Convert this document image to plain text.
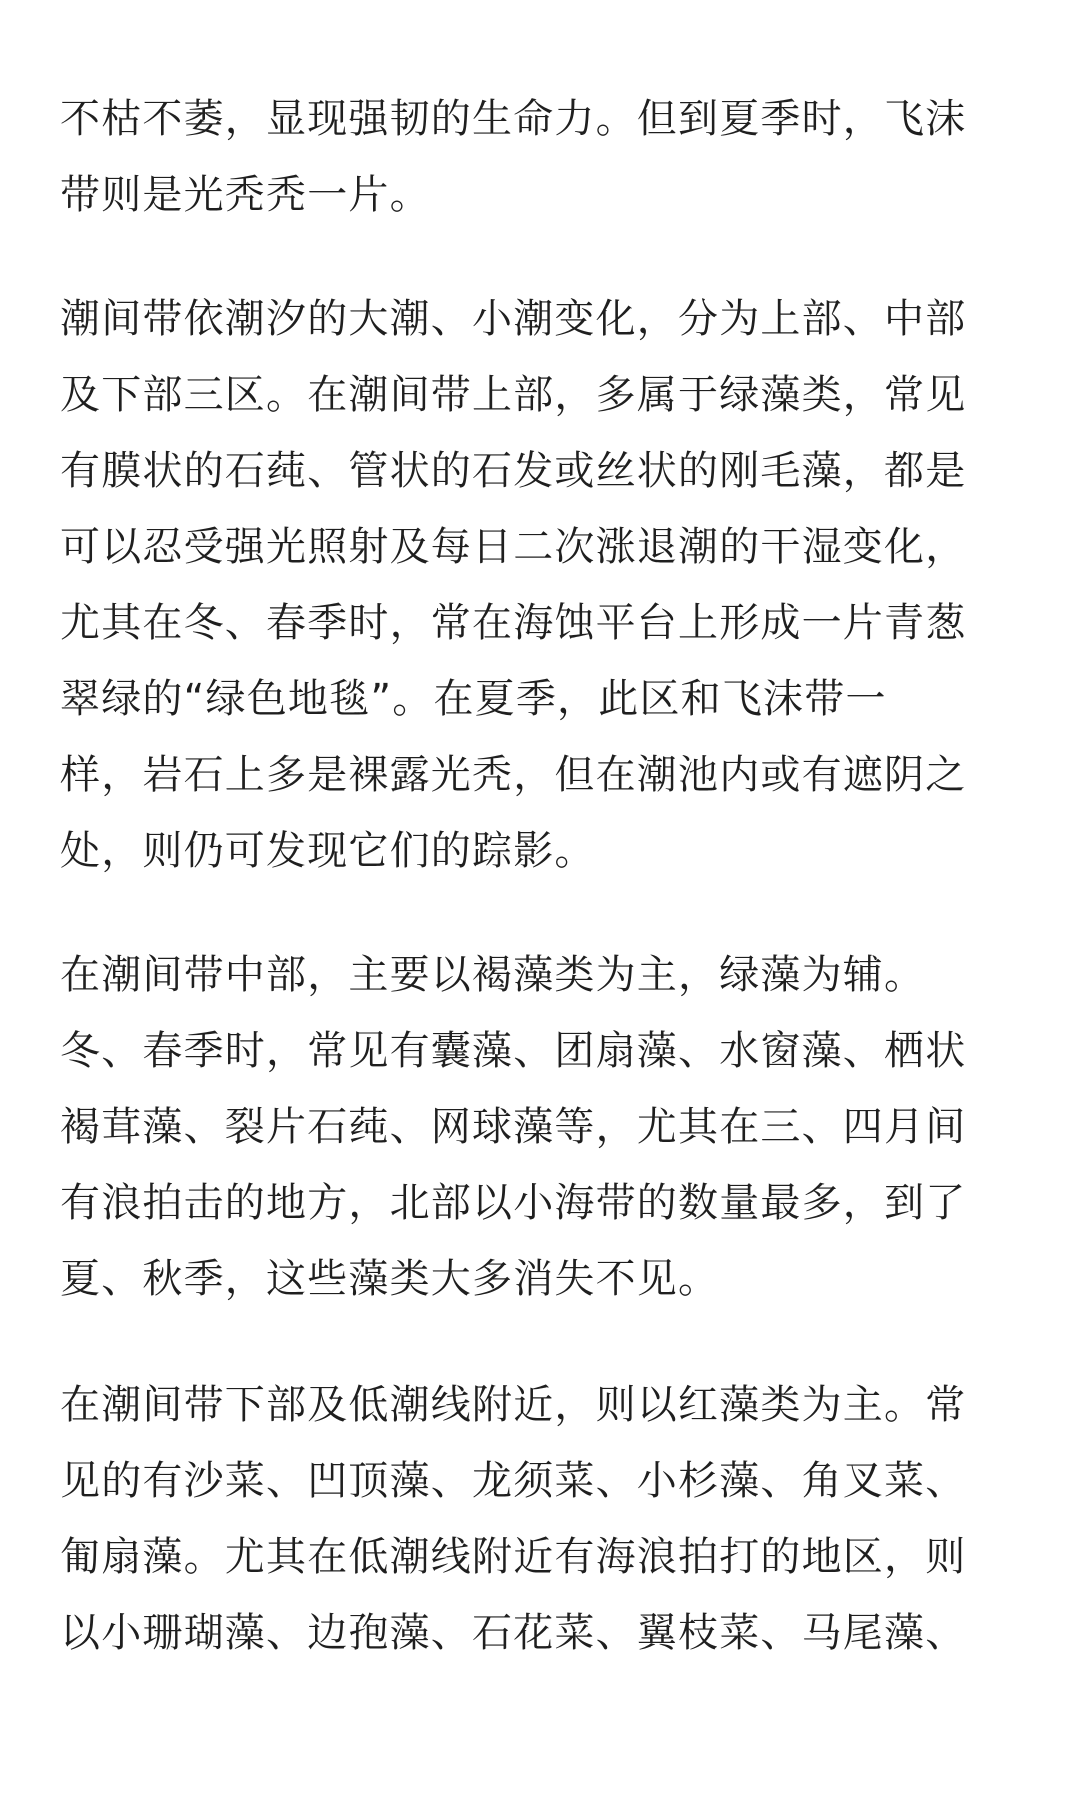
不枯不萎，显现强韧的生命力。但到夏季时，飞沫
带则是光秃秃一片。

潮间带依潮汐的大潮、小潮变化，分为上部、中部
及下部三区。在潮间带上部，多属于绿藻类，常见
有膜状的石莼、管状的石发或丝状的刚毛藻，都是
可以忍受强光照射及每日二次涨退潮的干湿变化，
尤其在冬、春季时，常在海蚀平台上形成一片青葱
翠绿的“绿色地毯”。在夏季，此区和飞沫带一
样，岩石上多是裸露光秃，但在潮池内或有遮阴之
处，则仍可发现它们的踪影。

在潮间带中部，主要以褐藻类为主，绿藻为辅。
冬、春季时，常见有囊藻、团扇藻、水窗藻、栖状
褐茸藻、裂片石莼、网球藻等，尤其在三、四月间
有浪拍击的地方，北部以小海带的数量最多，到了
夏、秋季，这些藻类大多消失不见。

在潮间带下部及低潮线附近，则以红藻类为主。常
见的有沙菜、凹顶藻、龙须菜、小杉藻、角叉菜、
匍扇藻。尤其在低潮线附近有海浪拍打的地区，则
以小珊瑚藻、边孢藻、石花菜、翼枝菜、马尾藻、
